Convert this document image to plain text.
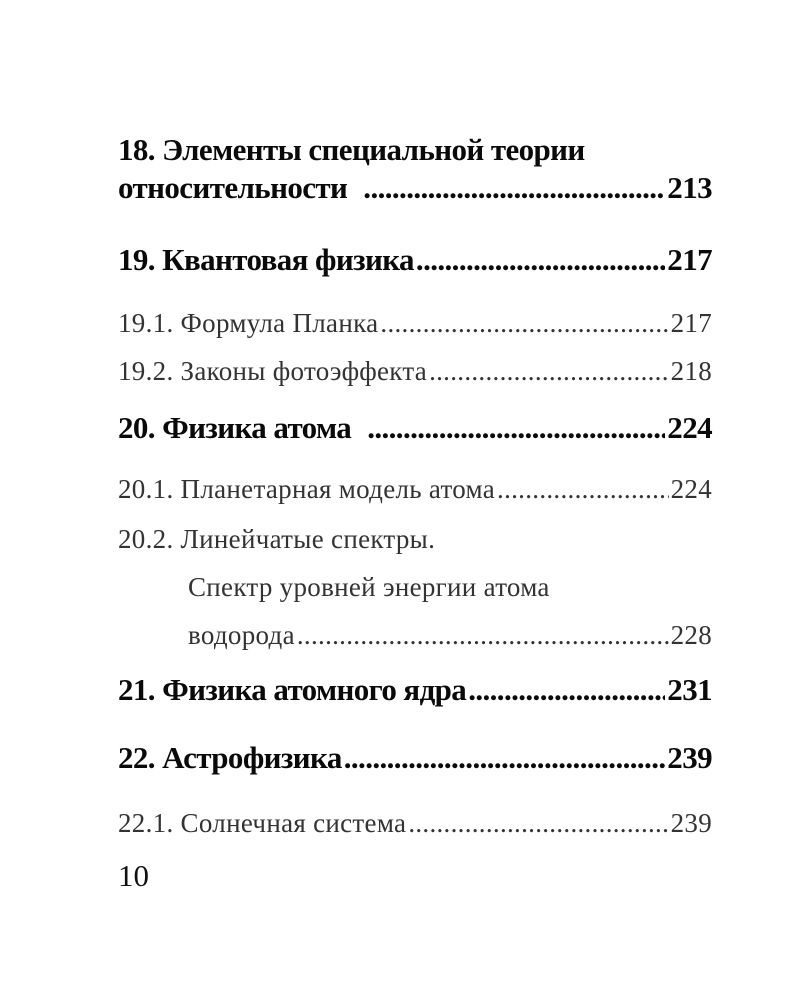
18. Элементы специальной теории
относительности .....	213
19. Квантовая физика .....	217
19.1. Формула Планка .....	217
19.2. Законы фотоэффекта .....	218
20. Физика атома .....	224
20.1. Планетарная модель атома .....	224
20.2. Линейчатые спектры.
Спектр уровней энергии атома
водорода .....	228
21. Физика атомного ядра .....	231
22. Астрофизика .....	239
22.1. Солнечная система .....	239
10
